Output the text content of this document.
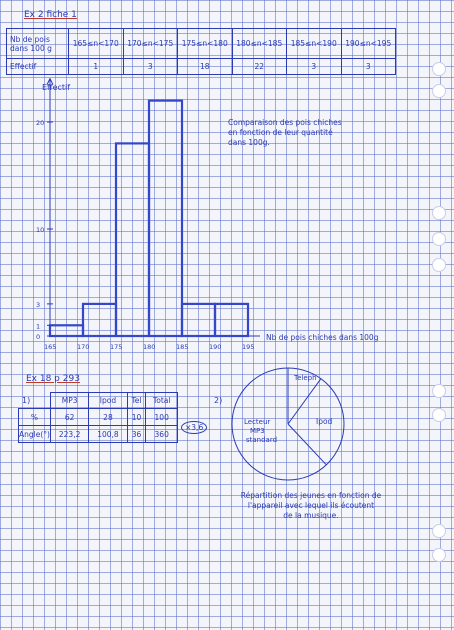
Ex 2 fiche 1
Nb de pois dans 100 g	165≤n<170	170≤n<175	175≤n<180	180≤n<185	185≤n<190	190≤n<195
Effectif	1	3	18	22	3	3
Effectif
165	170	175	180	185	190	195
0
1
3
10
20
Nb de pois chiches dans 100g
Comparaison des pois chiches
en fonction de leur quantité
dans 100g.
Ex 18 p 293
1)	2)
	MP3	Ipod	Tel	Total
%	62	28	10	100
Angle(°)	223,2	100,8	36	360
×3,6
Teleph
Ipod
Lecteur
MP3
standard
Répartition des jeunes en fonction de
l'appareil avec lequel ils écoutent
de la musique.
